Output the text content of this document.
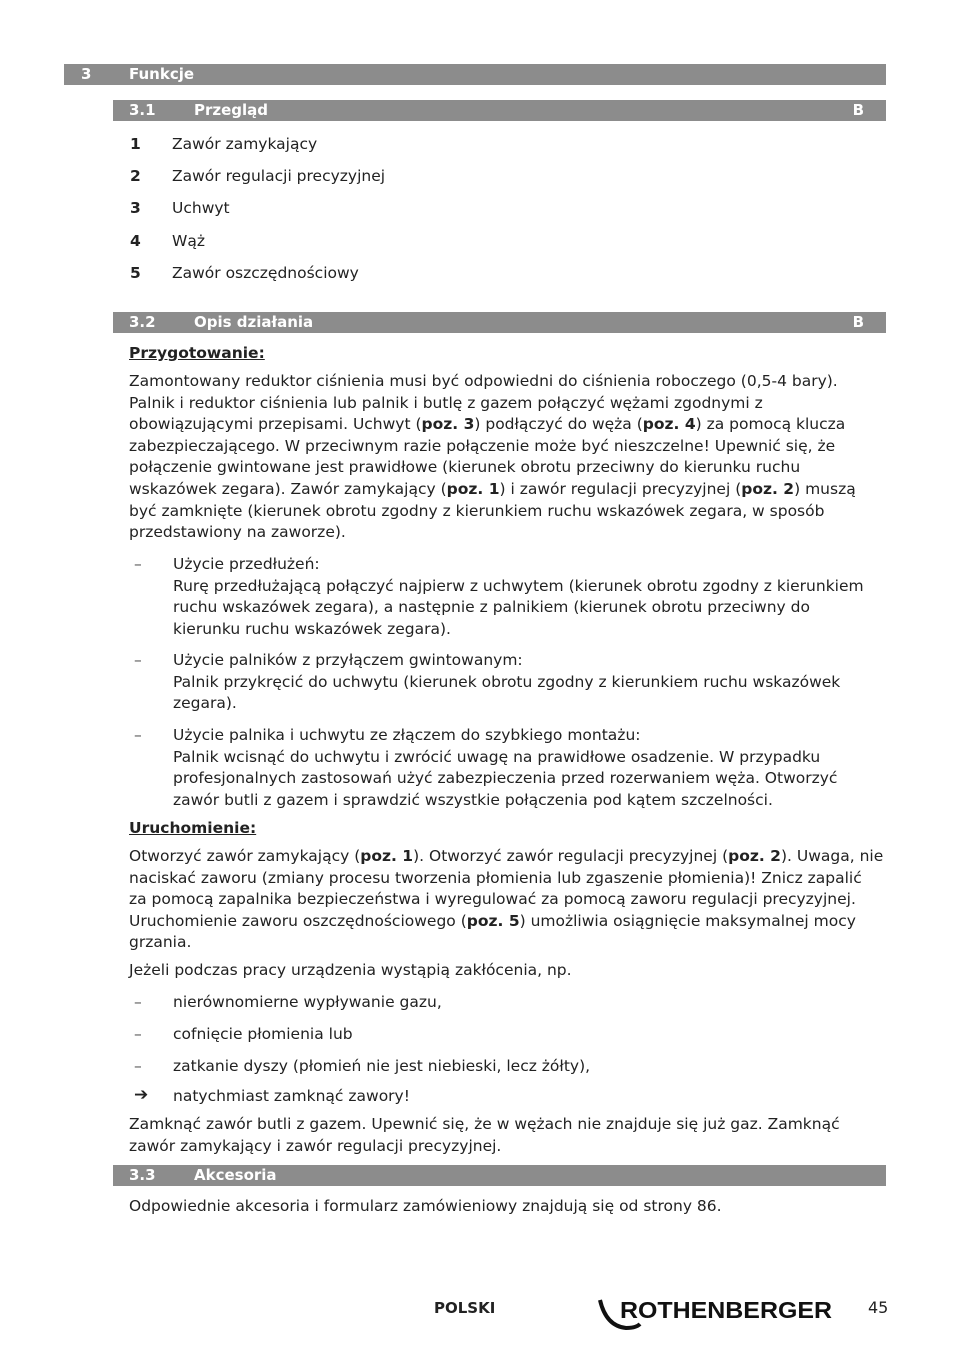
3	Funkcje
3.1	Przegląd	B
1 Zawór zamykający
2 Zawór regulacji precyzyjnej
3 Uchwyt
4 Wąż
5 Zawór oszczędnościowy
3.2	Opis działania	B
Przygotowanie:
Zamontowany reduktor ciśnienia musi być odpowiedni do ciśnienia roboczego (0,5-4 bary). Palnik i reduktor ciśnienia lub palnik i butlę z gazem połączyć wężami zgodnymi z obowiązującymi przepisami. Uchwyt (poz. 3) podłączyć do węża (poz. 4) za pomocą klucza zabezpieczającego. W przeciwnym razie połączenie może być nieszczelne! Upewnić się, że połączenie gwintowane jest prawidłowe (kierunek obrotu przeciwny do kierunku ruchu wskazówek zegara). Zawór zamykający (poz. 1) i zawór regulacji precyzyjnej (poz. 2) muszą być zamknięte (kierunek obrotu zgodny z kierunkiem ruchu wskazówek zegara, w sposób przedstawiony na zaworze).
– Użycie przedłużeń:
Rurę przedłużającą połączyć najpierw z uchwytem (kierunek obrotu zgodny z kierunkiem ruchu wskazówek zegara), a następnie z palnikiem (kierunek obrotu przeciwny do kierunku ruchu wskazówek zegara).
– Użycie palników z przyłączem gwintowanym:
Palnik przykręcić do uchwytu (kierunek obrotu zgodny z kierunkiem ruchu wskazówek zegara).
– Użycie palnika i uchwytu ze złączem do szybkiego montażu:
Palnik wcisnąć do uchwytu i zwrócić uwagę na prawidłowe osadzenie. W przypadku profesjonalnych zastosowań użyć zabezpieczenia przed rozerwaniem węża. Otworzyć zawór butli z gazem i sprawdzić wszystkie połączenia pod kątem szczelności.
Uruchomienie:
Otworzyć zawór zamykający (poz. 1). Otworzyć zawór regulacji precyzyjnej (poz. 2). Uwaga, nie naciskać zaworu (zmiany procesu tworzenia płomienia lub zgaszenie płomienia)! Znicz zapalić za pomocą zapalnika bezpieczeństwa i wyregulować za pomocą zaworu regulacji precyzyjnej. Uruchomienie zaworu oszczędnościowego (poz. 5) umożliwia osiągnięcie maksymalnej mocy grzania.
Jeżeli podczas pracy urządzenia wystąpią zakłócenia, np.
– nierównomierne wypływanie gazu,
– cofnięcie płomienia lub
– zatkanie dyszy (płomień nie jest niebieski, lecz żółty),
➔ natychmiast zamknąć zawory!
Zamknąć zawór butli z gazem. Upewnić się, że w wężach nie znajduje się już gaz. Zamknąć zawór zamykający i zawór regulacji precyzyjnej.
3.3	Akcesoria
Odpowiednie akcesoria i formularz zamówieniowy znajdują się od strony 86.
POLSKI	ROTHENBERGER 45
